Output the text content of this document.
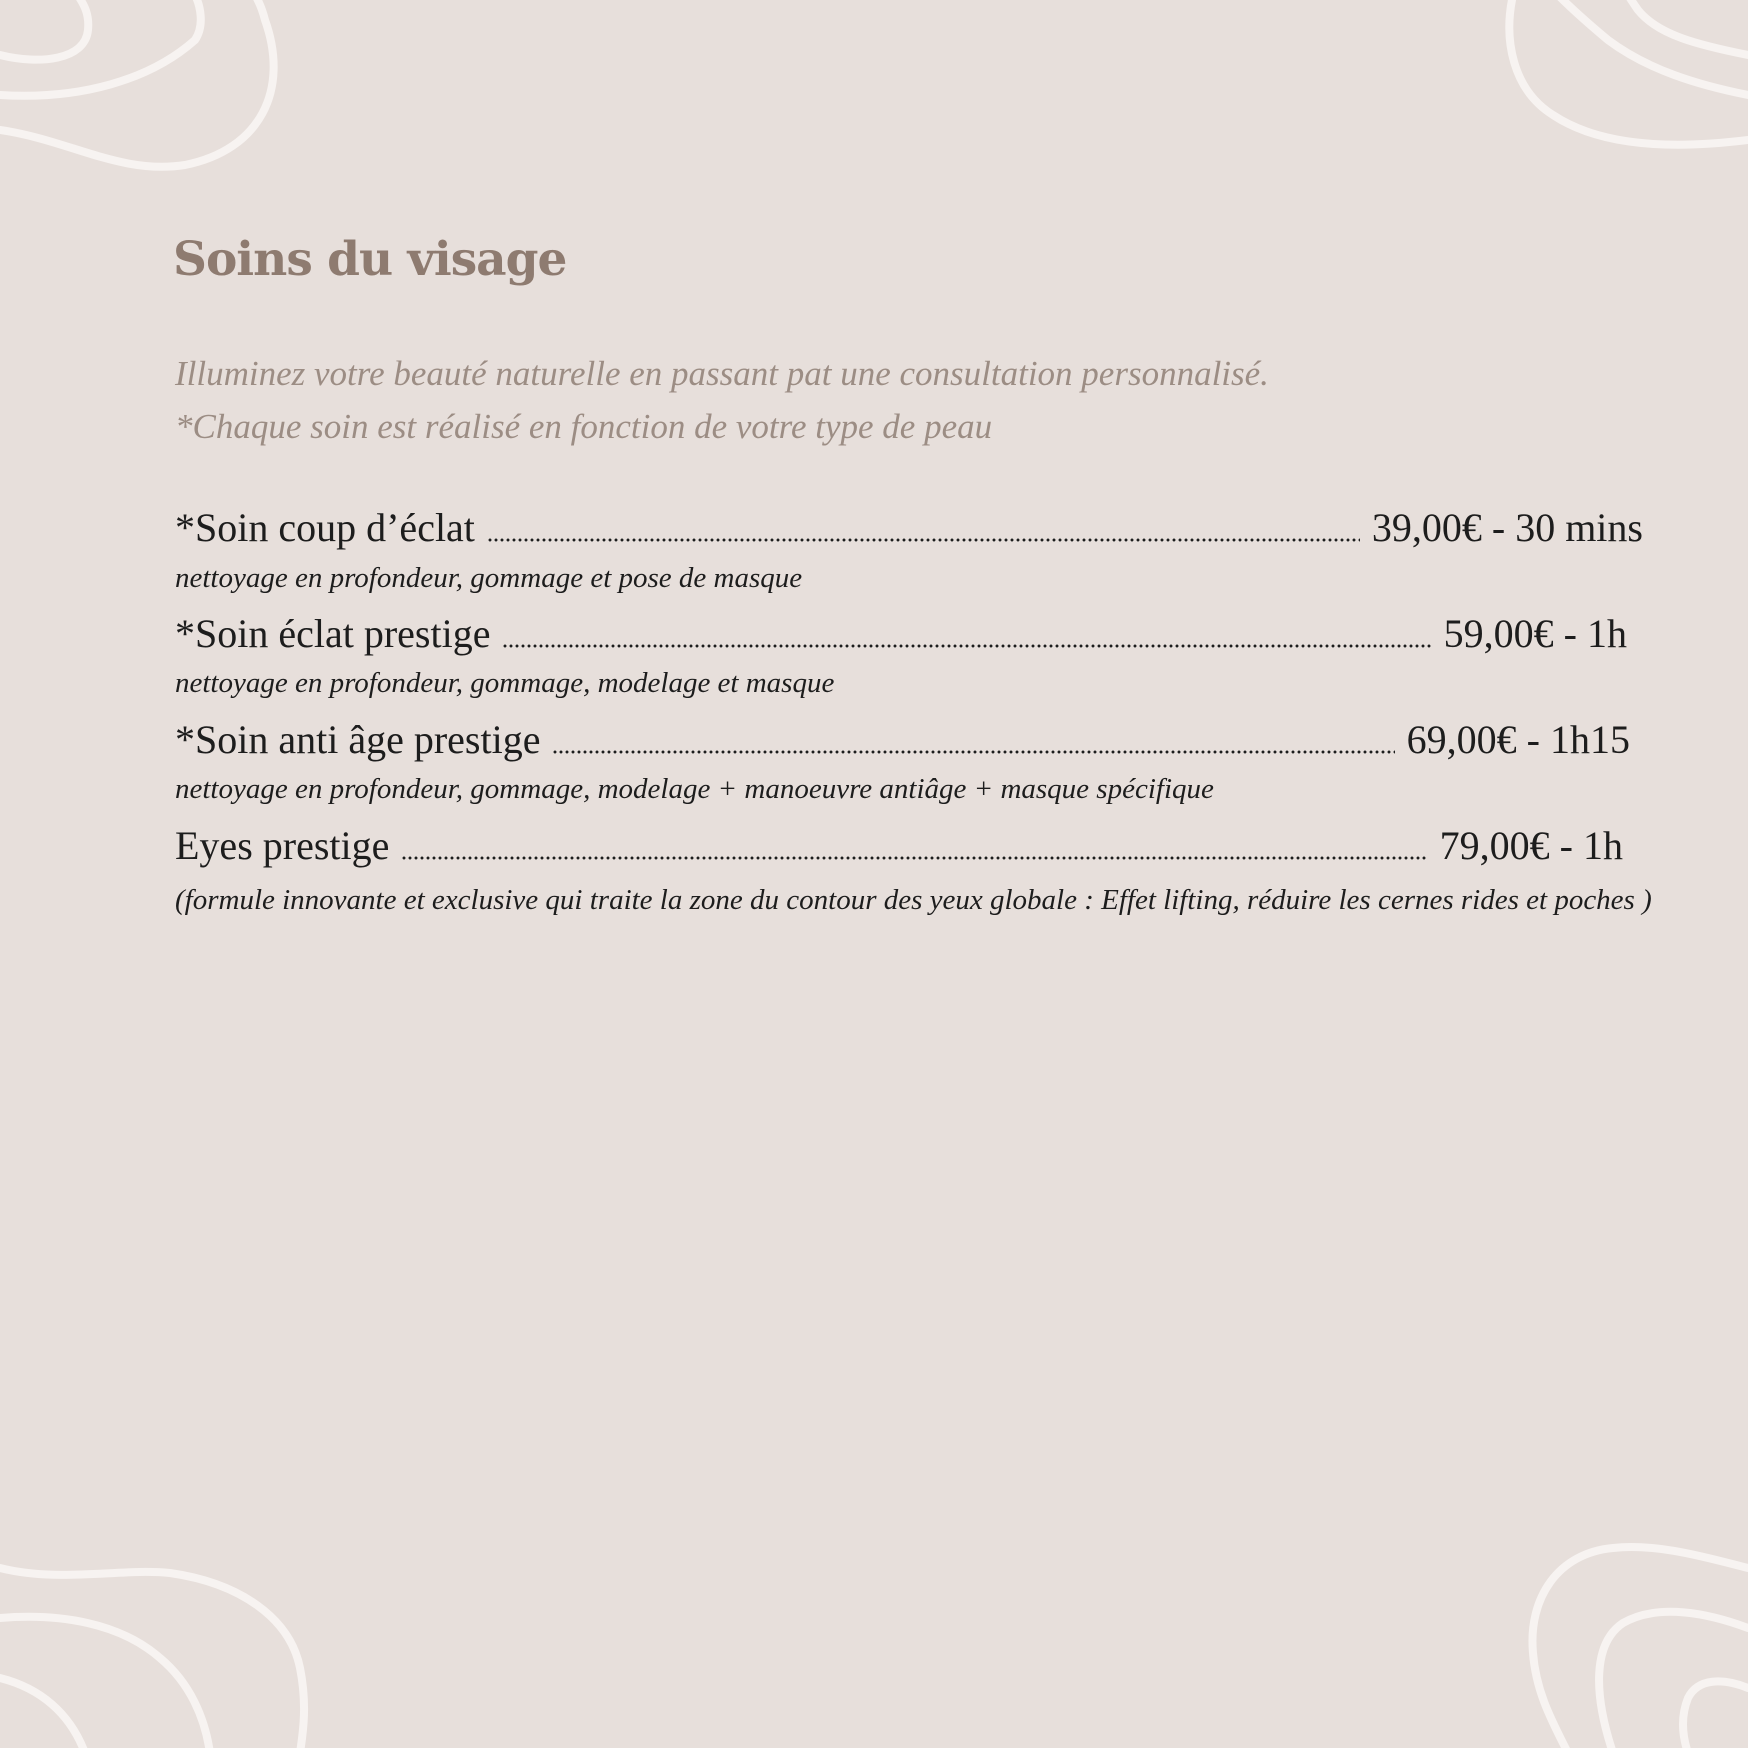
Soins du visage

Illuminez votre beauté naturelle en passant pat une consultation personnalisé.

*Chaque soin est réalisé en fonction de votre type de peau

*Soin coup d’éclat	39,00€ - 30 mins

nettoyage en profondeur, gommage et pose de masque

*Soin éclat prestige	59,00€ - 1h

nettoyage en profondeur, gommage, modelage et masque

*Soin anti âge prestige	69,00€ - 1h15

nettoyage en profondeur, gommage, modelage + manoeuvre antiâge + masque spécifique

Eyes prestige	79,00€ - 1h

(formule innovante et exclusive qui traite la zone du contour des yeux globale : Effet lifting, réduire les cernes rides et poches )
